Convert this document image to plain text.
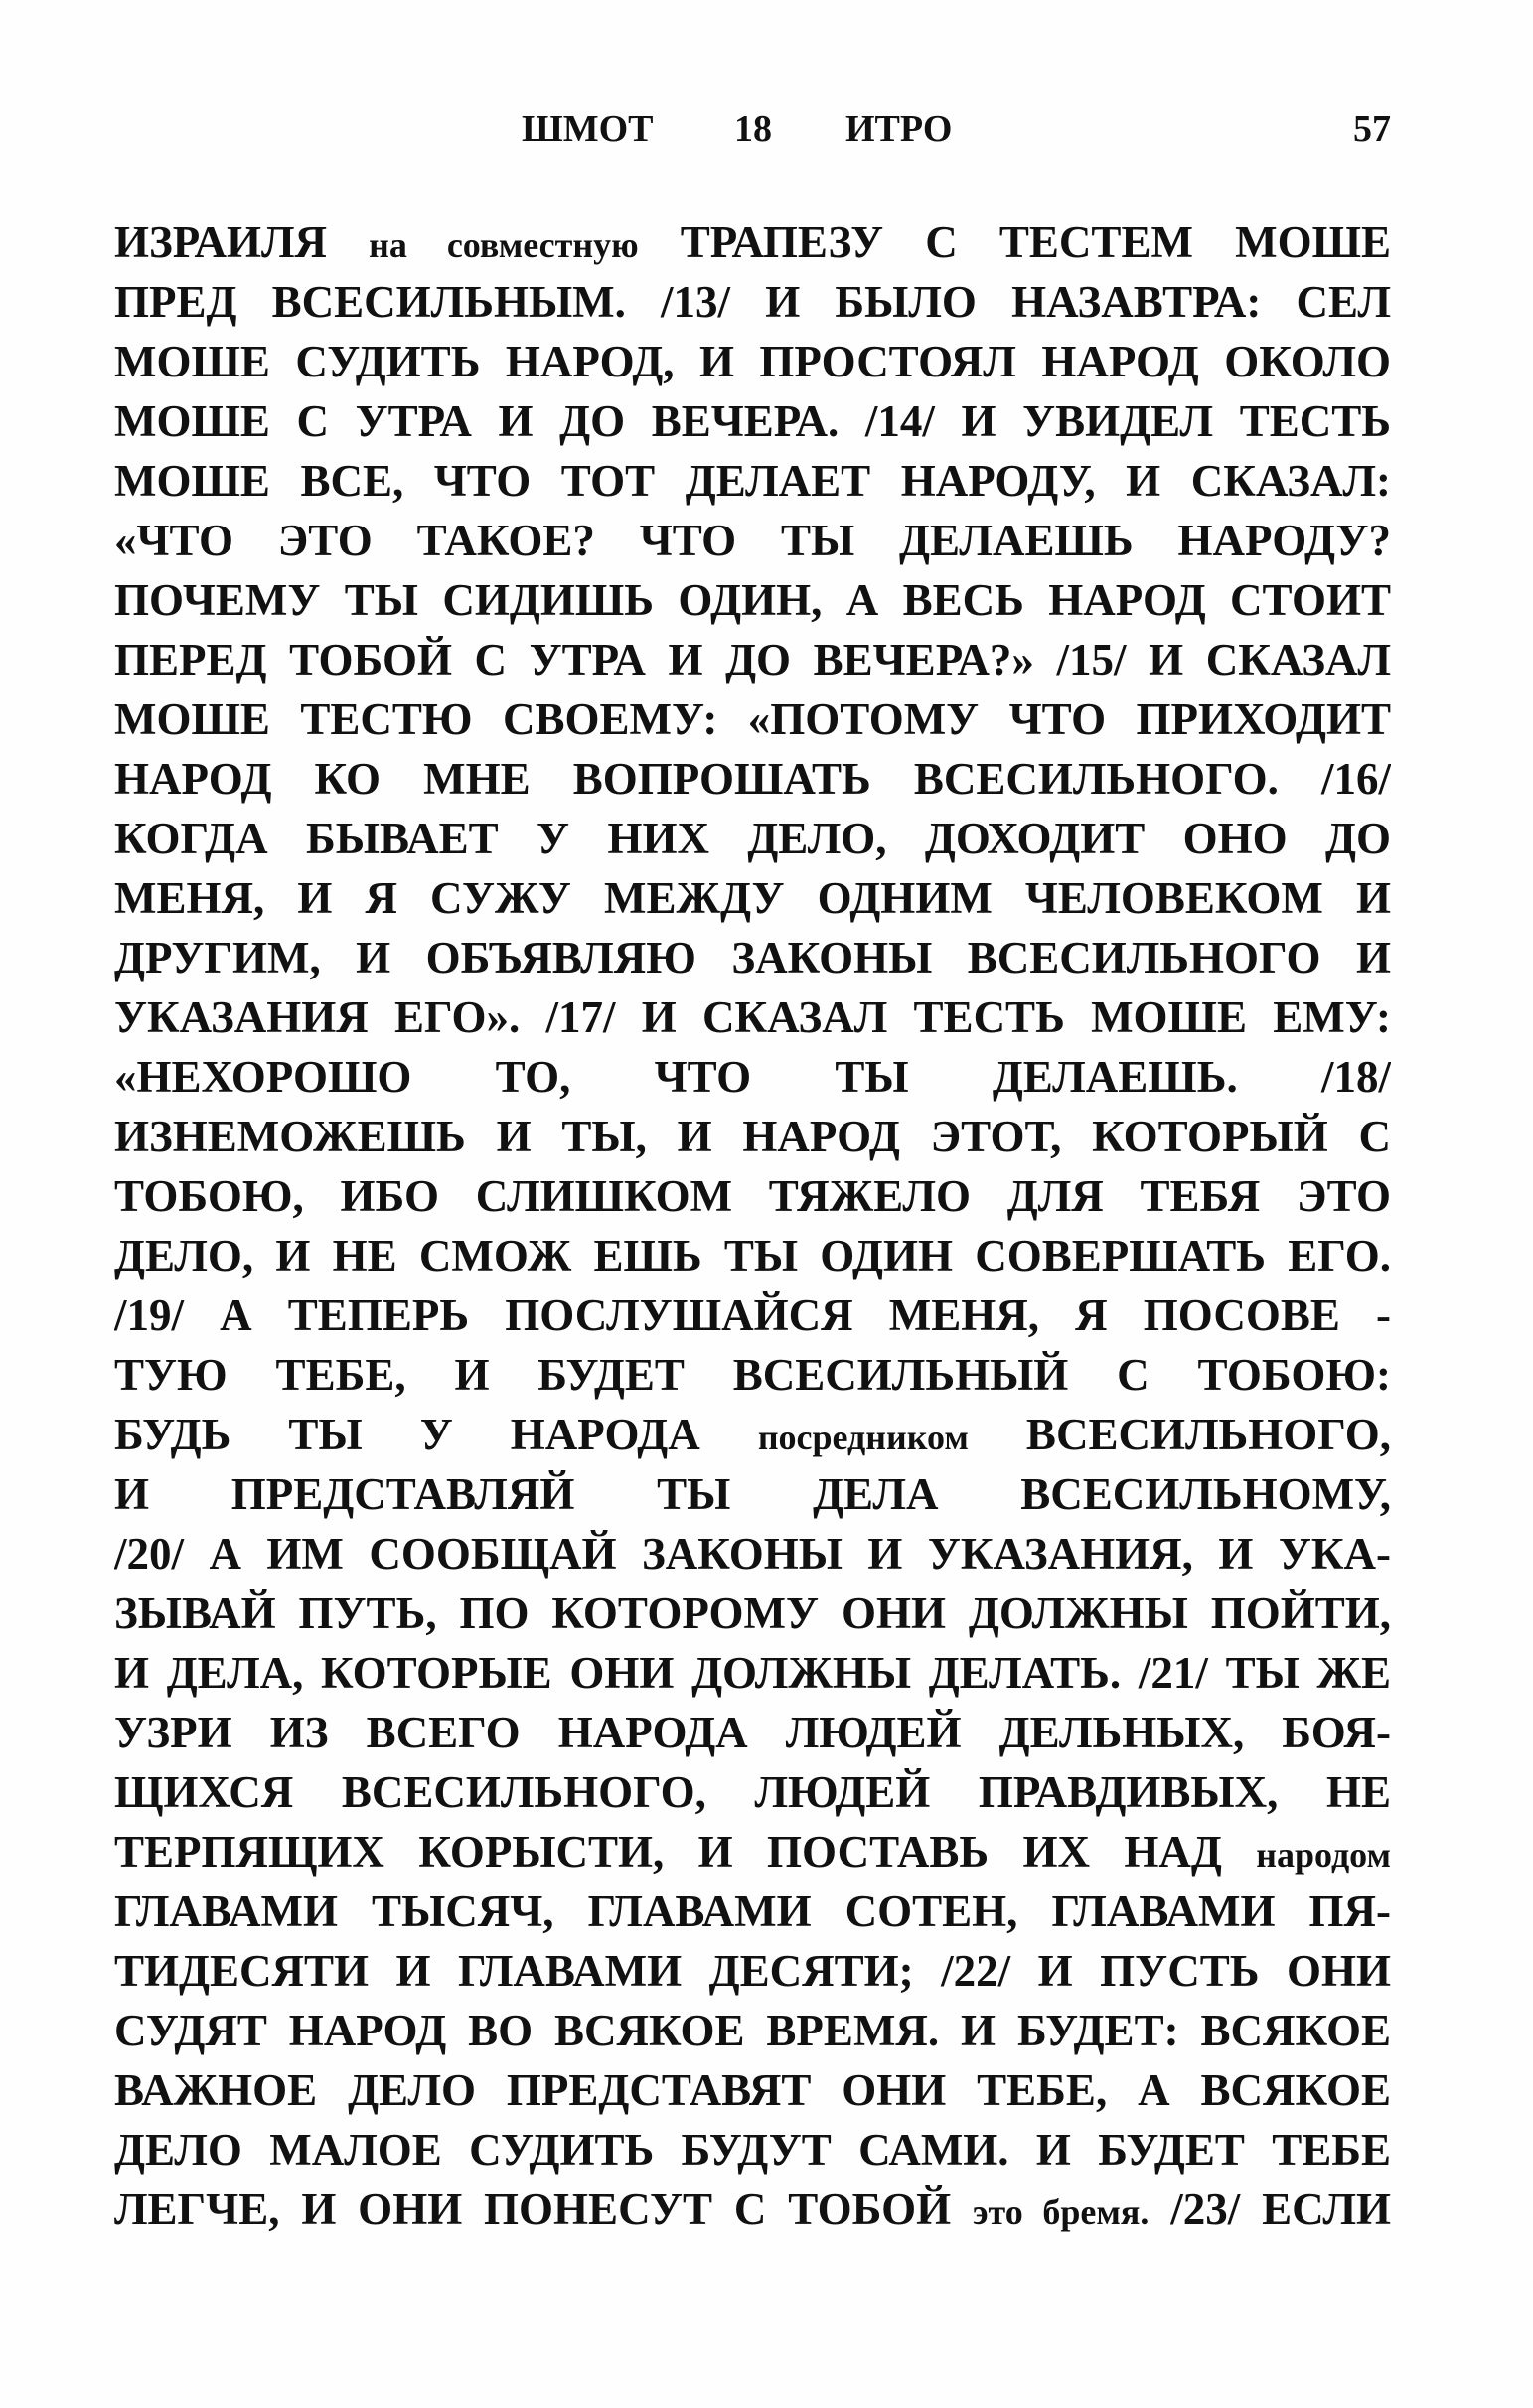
ШМОТ 18 ИТРО	57
ИЗРАИЛЯ на совместную ТРАПЕЗУ С ТЕСТЕМ МОШЕ
ПРЕД ВСЕСИЛЬНЫМ. /13/ И БЫЛО НАЗАВТРА: СЕЛ
МОШЕ СУДИТЬ НАРОД, И ПРОСТОЯЛ НАРОД ОКОЛО
МОШЕ С УТРА И ДО ВЕЧЕРА. /14/ И УВИДЕЛ ТЕСТЬ
МОШЕ ВСЕ, ЧТО ТОТ ДЕЛАЕТ НАРОДУ, И СКАЗАЛ:
«ЧТО ЭТО ТАКОЕ? ЧТО ТЫ ДЕЛАЕШЬ НАРОДУ?
ПОЧЕМУ ТЫ СИДИШЬ ОДИН, А ВЕСЬ НАРОД СТОИТ
ПЕРЕД ТОБОЙ С УТРА И ДО ВЕЧЕРА?» /15/ И СКАЗАЛ
МОШЕ ТЕСТЮ СВОЕМУ: «ПОТОМУ ЧТО ПРИХОДИТ
НАРОД КО МНЕ ВОПРОШАТЬ ВСЕСИЛЬНОГО. /16/
КОГДА БЫВАЕТ У НИХ ДЕЛО, ДОХОДИТ ОНО ДО
МЕНЯ, И Я СУЖУ МЕЖДУ ОДНИМ ЧЕЛОВЕКОМ И
ДРУГИМ, И ОБЪЯВЛЯЮ ЗАКОНЫ ВСЕСИЛЬНОГО И
УКАЗАНИЯ ЕГО». /17/ И СКАЗАЛ ТЕСТЬ МОШЕ ЕМУ:
«НЕХОРОШО ТО, ЧТО ТЫ ДЕЛАЕШЬ. /18/
ИЗНЕМОЖЕШЬ И ТЫ, И НАРОД ЭТОТ, КОТОРЫЙ С
ТОБОЮ, ИБО СЛИШКОМ ТЯЖЕЛО ДЛЯ ТЕБЯ ЭТО
ДЕЛО, И НЕ СМОЖ ЕШЬ ТЫ ОДИН СОВЕРШАТЬ ЕГО.
/19/ А ТЕПЕРЬ ПОСЛУШАЙСЯ МЕНЯ, Я ПОСОВЕ -
ТУЮ ТЕБЕ, И БУДЕТ ВСЕСИЛЬНЫЙ С ТОБОЮ:
БУДЬ ТЫ У НАРОДА посредником ВСЕСИЛЬНОГО,
И ПРЕДСТАВЛЯЙ ТЫ ДЕЛА ВСЕСИЛЬНОМУ,
/20/ А ИМ СООБЩАЙ ЗАКОНЫ И УКАЗАНИЯ, И УКА-
ЗЫВАЙ ПУТЬ, ПО КОТОРОМУ ОНИ ДОЛЖНЫ ПОЙТИ,
И ДЕЛА, КОТОРЫЕ ОНИ ДОЛЖНЫ ДЕЛАТЬ. /21/ ТЫ ЖЕ
УЗРИ ИЗ ВСЕГО НАРОДА ЛЮДЕЙ ДЕЛЬНЫХ, БОЯ-
ЩИХСЯ ВСЕСИЛЬНОГО, ЛЮДЕЙ ПРАВДИВЫХ, НЕ
ТЕРПЯЩИХ КОРЫСТИ, И ПОСТАВЬ ИХ НАД народом
ГЛАВАМИ ТЫСЯЧ, ГЛАВАМИ СОТЕН, ГЛАВАМИ ПЯ-
ТИДЕСЯТИ И ГЛАВАМИ ДЕСЯТИ; /22/ И ПУСТЬ ОНИ
СУДЯТ НАРОД ВО ВСЯКОЕ ВРЕМЯ. И БУДЕТ: ВСЯКОЕ
ВАЖНОЕ ДЕЛО ПРЕДСТАВЯТ ОНИ ТЕБЕ, А ВСЯКОЕ
ДЕЛО МАЛОЕ СУДИТЬ БУДУТ САМИ. И БУДЕТ ТЕБЕ
ЛЕГЧЕ, И ОНИ ПОНЕСУТ С ТОБОЙ это бремя. /23/ ЕСЛИ
